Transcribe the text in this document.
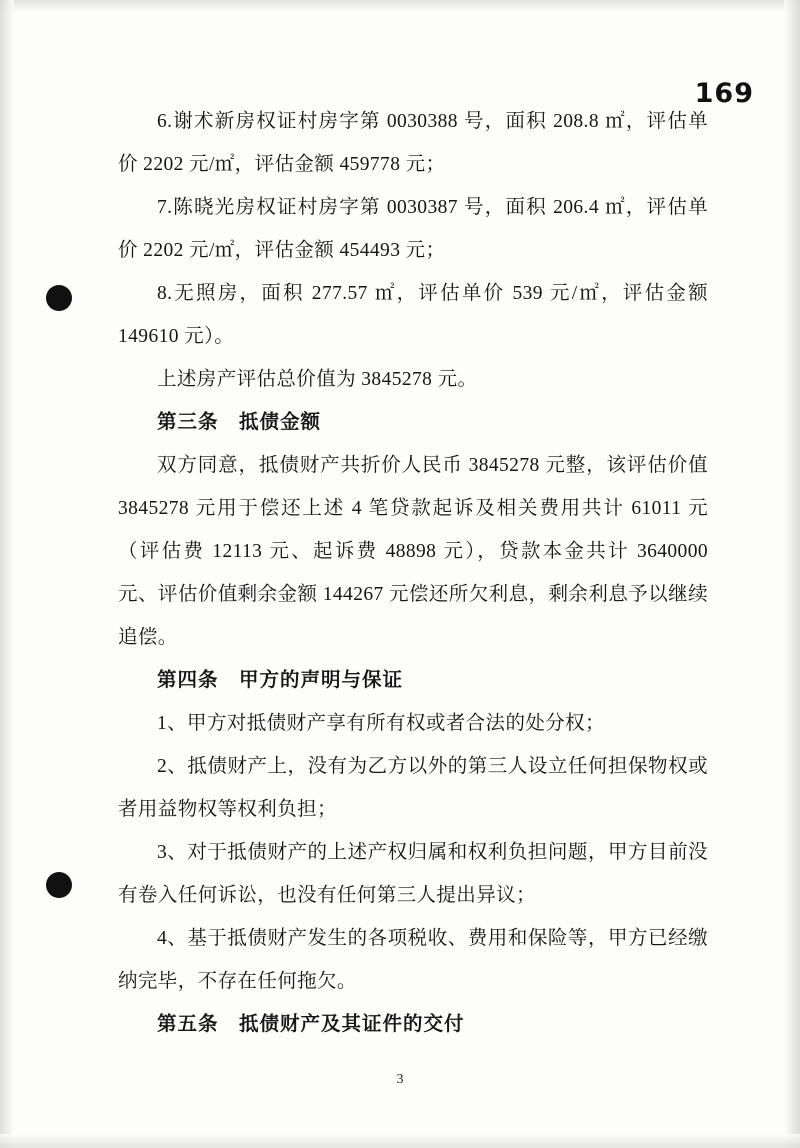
169

6.谢术新房权证村房字第 0030388 号，面积 208.8 ㎡，评估单价 2202 元/㎡，评估金额 459778 元；

7.陈晓光房权证村房字第 0030387 号，面积 206.4 ㎡，评估单价 2202 元/㎡，评估金额 454493 元；

8.无照房，面积 277.57 ㎡，评估单价 539 元/㎡，评估金额 149610 元）。

上述房产评估总价值为 3845278 元。

第三条　抵债金额

双方同意，抵债财产共折价人民币 3845278 元整，该评估价值 3845278 元用于偿还上述 4 笔贷款起诉及相关费用共计 61011 元（评估费 12113 元、起诉费 48898 元），贷款本金共计 3640000 元、评估价值剩余金额 144267 元偿还所欠利息，剩余利息予以继续追偿。

第四条　甲方的声明与保证

1、甲方对抵债财产享有所有权或者合法的处分权；

2、抵债财产上，没有为乙方以外的第三人设立任何担保物权或者用益物权等权利负担；

3、对于抵债财产的上述产权归属和权利负担问题，甲方目前没有卷入任何诉讼，也没有任何第三人提出异议；

4、基于抵债财产发生的各项税收、费用和保险等，甲方已经缴纳完毕，不存在任何拖欠。

第五条　抵债财产及其证件的交付

3
